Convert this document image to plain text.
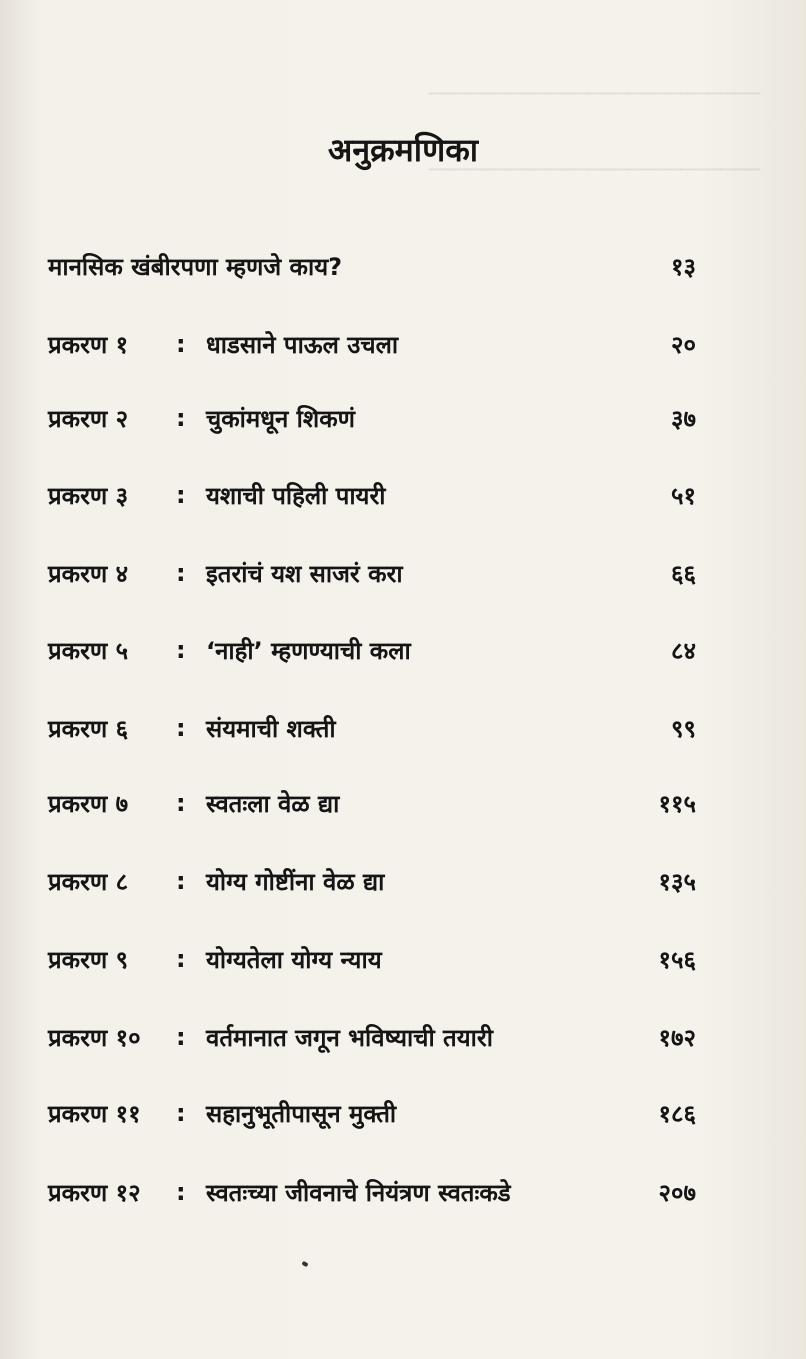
─────────────────────────
─────────────────────────
अनुक्रमणिका
मानसिक खंबीरपणा म्हणजे काय?	१३
प्रकरण १	: धाडसाने पाऊल उचला	२०
प्रकरण २	: चुकांमधून शिकणं	३७
प्रकरण ३	: यशाची पहिली पायरी	५१
प्रकरण ४	: इतरांचं यश साजरं करा	६६
प्रकरण ५	: ‘नाही’ म्हणण्याची कला	८४
प्रकरण ६	: संयमाची शक्ती	९९
प्रकरण ७	: स्वतःला वेळ द्या	११५
प्रकरण ८	: योग्य गोष्टींना वेळ द्या	१३५
प्रकरण ९	: योग्यतेला योग्य न्याय	१५६
प्रकरण १०	: वर्तमानात जगून भविष्याची तयारी	१७२
प्रकरण ११	: सहानुभूतीपासून मुक्ती	१८६
प्रकरण १२	: स्वतःच्या जीवनाचे नियंत्रण स्वतःकडे	२०७
